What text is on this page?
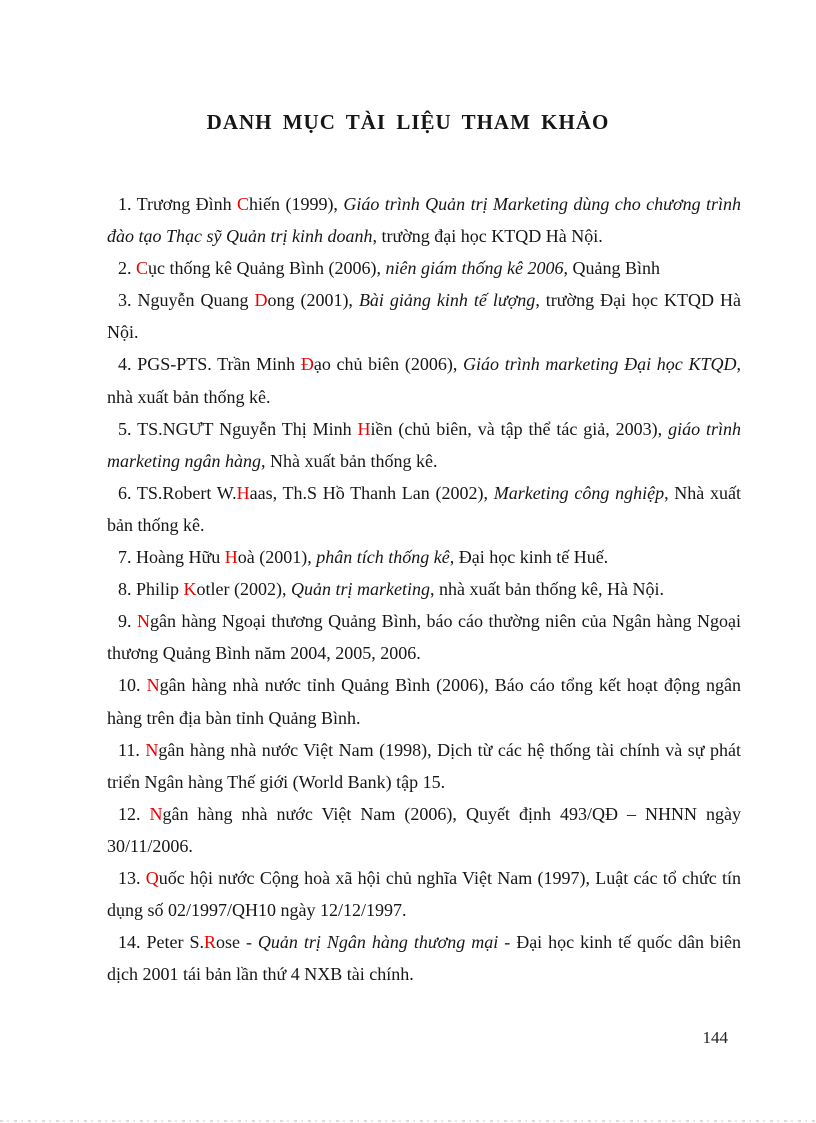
DANH MỤC TÀI LIỆU THAM KHẢO

1. Trương Đình Chiến (1999), Giáo trình Quản trị Marketing dùng cho chương trình đào tạo Thạc sỹ Quản trị kinh doanh, trường đại học KTQD Hà Nội.

2. Cục thống kê Quảng Bình (2006), niên giám thống kê 2006, Quảng Bình

3. Nguyễn Quang Dong (2001), Bài giảng kinh tế lượng, trường Đại học KTQD Hà Nội.

4. PGS-PTS. Trần Minh Đạo chủ biên (2006), Giáo trình marketing Đại học KTQD, nhà xuất bản thống kê.

5. TS.NGƯT Nguyễn Thị Minh Hiền (chủ biên, và tập thể tác giả, 2003), giáo trình marketing ngân hàng, Nhà xuất bản thống kê.

6. TS.Robert W.Haas, Th.S Hồ Thanh Lan (2002), Marketing công nghiệp, Nhà xuất bản thống kê.

7. Hoàng Hữu Hoà (2001), phân tích thống kê, Đại học kinh tế Huế.

8. Philip Kotler (2002), Quản trị marketing, nhà xuất bản thống kê, Hà Nội.

9. Ngân hàng Ngoại thương Quảng Bình, báo cáo thường niên của Ngân hàng Ngoại thương Quảng Bình năm 2004, 2005, 2006.

10. Ngân hàng nhà nước tỉnh Quảng Bình (2006), Báo cáo tổng kết hoạt động ngân hàng trên địa bàn tỉnh Quảng Bình.

11. Ngân hàng nhà nước Việt Nam (1998), Dịch từ các hệ thống tài chính và sự phát triển Ngân hàng Thế giới (World Bank) tập 15.

12. Ngân hàng nhà nước Việt Nam (2006), Quyết định 493/QĐ – NHNN ngày 30/11/2006.

13. Quốc hội nước Cộng hoà xã hội chủ nghĩa Việt Nam (1997), Luật các tổ chức tín dụng số 02/1997/QH10 ngày 12/12/1997.

14. Peter S.Rose - Quản trị Ngân hàng thương mại - Đại học kinh tế quốc dân biên dịch 2001 tái bản lần thứ 4 NXB tài chính.

144
